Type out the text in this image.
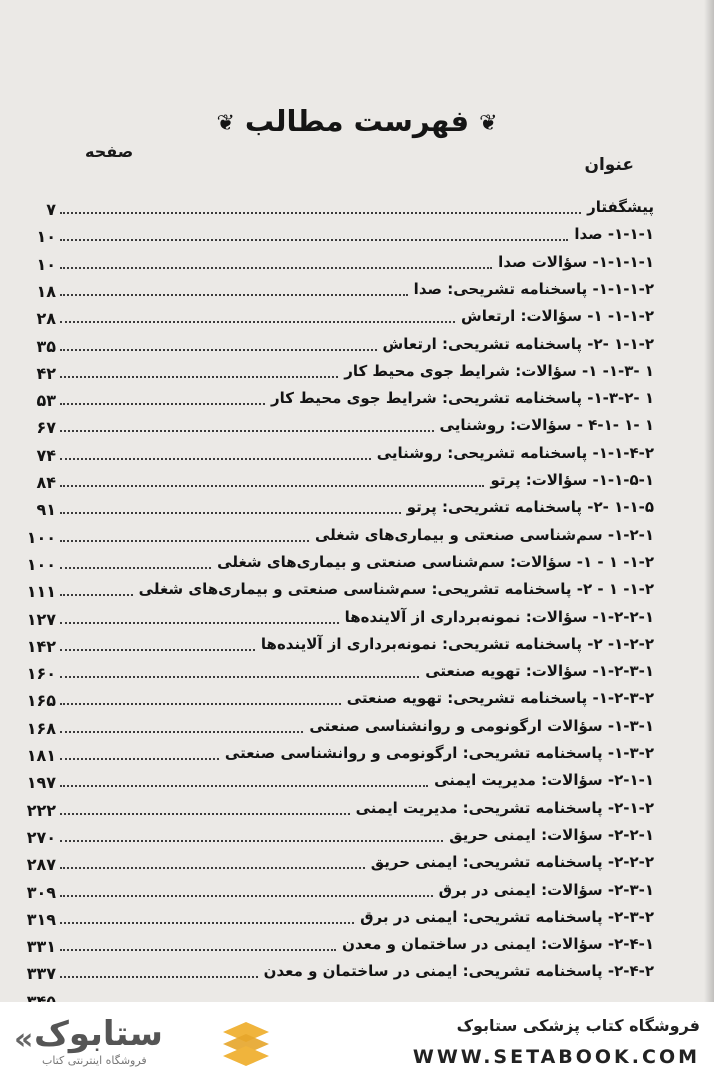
❦فهرست مطالب❦
عنوان
صفحه
پیشگفتار
۷
۱-۱-۱- صدا
۱۰
۱-۱-۱-۱- سؤالات صدا
۱۰
۱-۱-۱-۲- پاسخنامه تشریحی: صدا
۱۸
۱-۱-۲- ۱- سؤالات: ارتعاش
۲۸
۱-۱-۲ -۲- پاسخنامه تشریحی: ارتعاش
۳۵
۱ -۱-۳- ۱- سؤالات: شرایط جوی محیط کار
۴۲
۱ -۱-۳-۲- پاسخنامه تشریحی: شرایط جوی محیط کار
۵۳
۱ -۱ -۴-۱ - سؤالات: روشنایی
۶۷
۱-۱-۴-۲- پاسخنامه تشریحی: روشنایی
۷۴
۱-۱-۵-۱- سؤالات: پرتو
۸۴
۱-۱-۵ -۲- پاسخنامه تشریحی: پرتو
۹۱
۱-۲-۱- سم‌شناسی صنعتی و بیماری‌های شغلی
۱۰۰
۱-۲- ۱ - ۱- سؤالات: سم‌شناسی صنعتی و بیماری‌های شغلی
۱۰۰
۱-۲- ۱ - ۲- پاسخنامه تشریحی: سم‌شناسی صنعتی و بیماری‌های شغلی
۱۱۱
۱-۲-۲-۱- سؤالات: نمونه‌برداری از آلاینده‌ها
۱۲۷
۱-۲-۲- ۲- پاسخنامه تشریحی: نمونه‌برداری از آلاینده‌ها
۱۴۲
۱-۲-۳-۱- سؤالات: تهویه صنعتی
۱۶۰
۱-۲-۳-۲- پاسخنامه تشریحی: تهویه صنعتی
۱۶۵
۱-۳-۱- سؤالات ارگونومی و روانشناسی صنعتی
۱۶۸
۱-۳-۲- پاسخنامه تشریحی: ارگونومی و روانشناسی صنعتی
۱۸۱
۲-۱-۱- سؤالات: مدیریت ایمنی
۱۹۷
۲-۱-۲- پاسخنامه تشریحی: مدیریت ایمنی
۲۲۲
۲-۲-۱- سؤالات: ایمنی حریق
۲۷۰
۲-۲-۲- پاسخنامه تشریحی: ایمنی حریق
۲۸۷
۲-۳-۱- سؤالات: ایمنی در برق
۳۰۹
۲-۳-۲- پاسخنامه تشریحی: ایمنی در برق
۳۱۹
۲-۴-۱- سؤالات: ایمنی در ساختمان و معدن
۳۳۱
۲-۴-۲- پاسخنامه تشریحی: ایمنی در ساختمان و معدن
۳۳۷
« ستابوک
فروشگاه اینترنتی کتاب
فروشگاه کتاب پزشکی ستابوک
WWW.SETABOOK.COM
